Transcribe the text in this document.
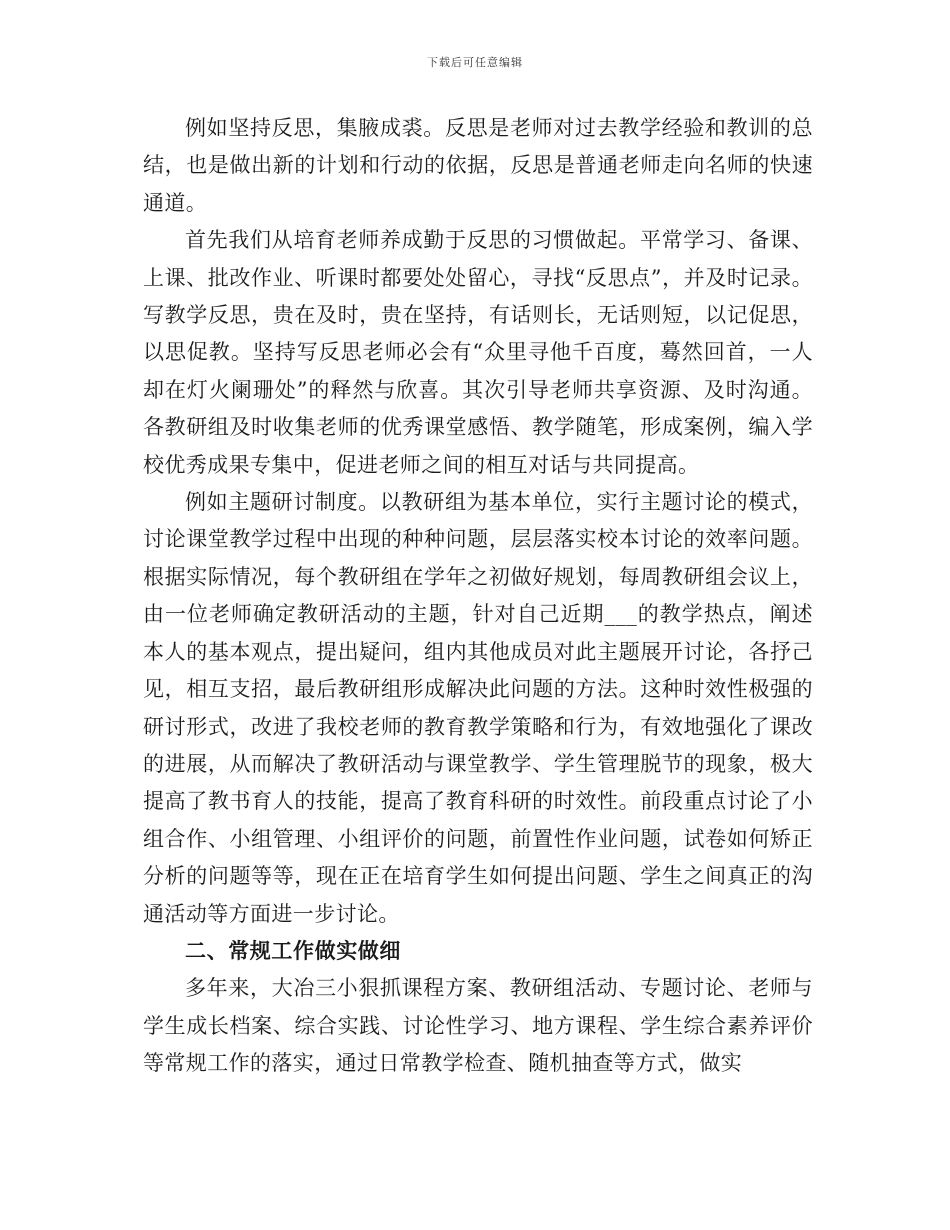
下载后可任意编辑

例如坚持反思，集腋成裘。反思是老师对过去教学经验和教训的总结，也是做出新的计划和行动的依据，反思是普通老师走向名师的快速通道。

首先我们从培育老师养成勤于反思的习惯做起。平常学习、备课、上课、批改作业、听课时都要处处留心，寻找“反思点”，并及时记录。写教学反思，贵在及时，贵在坚持，有话则长，无话则短，以记促思，以思促教。坚持写反思老师必会有“众里寻他千百度，蓦然回首，一人却在灯火阑珊处”的释然与欣喜。其次引导老师共享资源、及时沟通。各教研组及时收集老师的优秀课堂感悟、教学随笔，形成案例，编入学校优秀成果专集中，促进老师之间的相互对话与共同提高。

例如主题研讨制度。以教研组为基本单位，实行主题讨论的模式，讨论课堂教学过程中出现的种种问题，层层落实校本讨论的效率问题。根据实际情况，每个教研组在学年之初做好规划，每周教研组会议上，由一位老师确定教研活动的主题，针对自己近期___的教学热点，阐述本人的基本观点，提出疑问，组内其他成员对此主题展开讨论，各抒己见，相互支招，最后教研组形成解决此问题的方法。这种时效性极强的研讨形式，改进了我校老师的教育教学策略和行为，有效地强化了课改的进展，从而解决了教研活动与课堂教学、学生管理脱节的现象，极大提高了教书育人的技能，提高了教育科研的时效性。前段重点讨论了小组合作、小组管理、小组评价的问题，前置性作业问题，试卷如何矫正分析的问题等等，现在正在培育学生如何提出问题、学生之间真正的沟通活动等方面进一步讨论。

二、常规工作做实做细

多年来，大冶三小狠抓课程方案、教研组活动、专题讨论、老师与学生成长档案、综合实践、讨论性学习、地方课程、学生综合素养评价等常规工作的落实，通过日常教学检查、随机抽查等方式，做实
